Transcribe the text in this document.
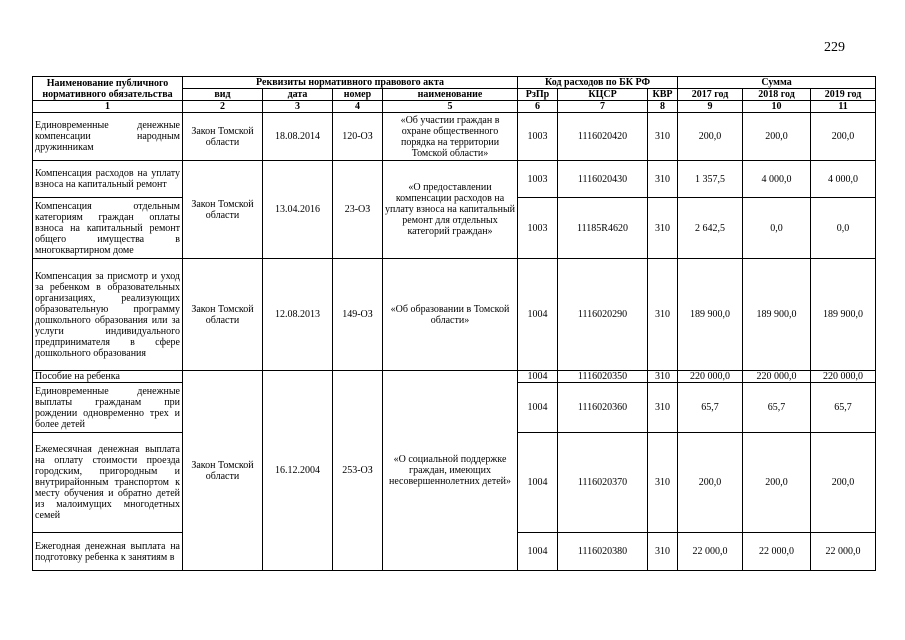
229
Наименование публичного нормативного обязательства	Реквизиты нормативного правового акта				Код расходов по БК РФ			Сумма		
	вид	дата	номер	наименование	РзПр	КЦСР	КВР	2017 год	2018 год	2019 год
1	2	3	4	5	6	7	8	9	10	11
Единовременные денежные компенсации народным дружинникам	Закон Томской области	18.08.2014	120-ОЗ	«Об участии граждан в охране общественного порядка на территории Томской области»	1003	1116020420	310	200,0	200,0	200,0
Компенсация расходов на уплату взноса на капитальный ремонт	Закон Томской области	13.04.2016	23-ОЗ	«О предоставлении компенсации расходов на уплату взноса на капитальный ремонт для отдельных категорий граждан»	1003	1116020430	310	1 357,5	4 000,0	4 000,0
Компенсация отдельным категориям граждан оплаты взноса на капитальный ремонт общего имущества в многоквартирном доме					1003	11185R4620	310	2 642,5	0,0	0,0
Компенсация за присмотр и уход за ребенком в образовательных организациях, реализующих образовательную программу дошкольного образования или за услуги индивидуального предпринимателя в сфере дошкольного образования	Закон Томской области	12.08.2013	149-ОЗ	«Об образовании в Томской области»	1004	1116020290	310	189 900,0	189 900,0	189 900,0
Пособие на ребенка	Закон Томской области	16.12.2004	253-ОЗ	«О социальной поддержке граждан, имеющих несовершеннолетних детей»	1004	1116020350	310	220 000,0	220 000,0	220 000,0
Единовременные денежные выплаты гражданам при рождении одновременно трех и более детей					1004	1116020360	310	65,7	65,7	65,7
Ежемесячная денежная выплата на оплату стоимости проезда городским, пригородным и внутрирайонным транспортом к месту обучения и обратно детей из малоимущих многодетных семей					1004	1116020370	310	200,0	200,0	200,0
Ежегодная денежная выплата на подготовку ребенка к занятиям в					1004	1116020380	310	22 000,0	22 000,0	22 000,0
